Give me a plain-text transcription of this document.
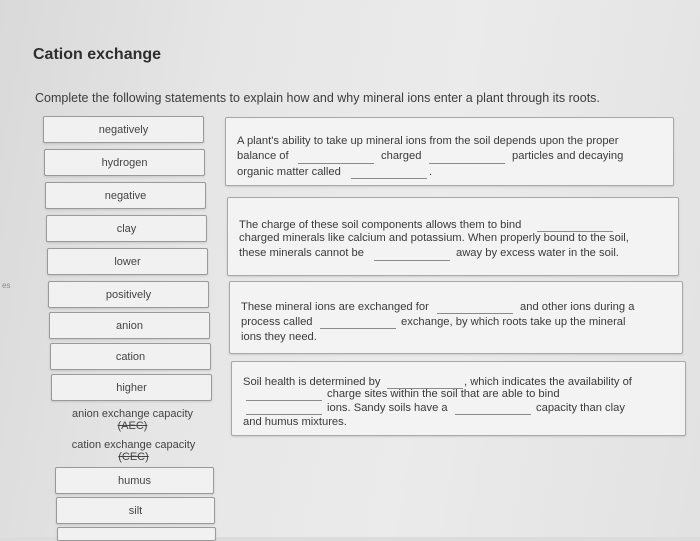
Cation exchange
Complete the following statements to explain how and why mineral ions enter a plant through its roots.
es
negatively
hydrogen
negative
clay
lower
positively
anion
cation
higher
anion exchange capacity
(AEC)
cation exchange capacity
(CEC)
humus
silt
A plant's ability to take up mineral ions from the soil depends upon the proper
balance of	charged	particles and decaying
organic matter called	.
The charge of these soil components allows them to bind
charged minerals like calcium and potassium. When properly bound to the soil,
these minerals cannot be	away by excess water in the soil.
These mineral ions are exchanged for	and other ions during a
process called	exchange, by which roots take up the mineral
ions they need.
Soil health is determined by	, which indicates the availability of
charge sites within the soil that are able to bind
ions. Sandy soils have a	capacity than clay
and humus mixtures.
